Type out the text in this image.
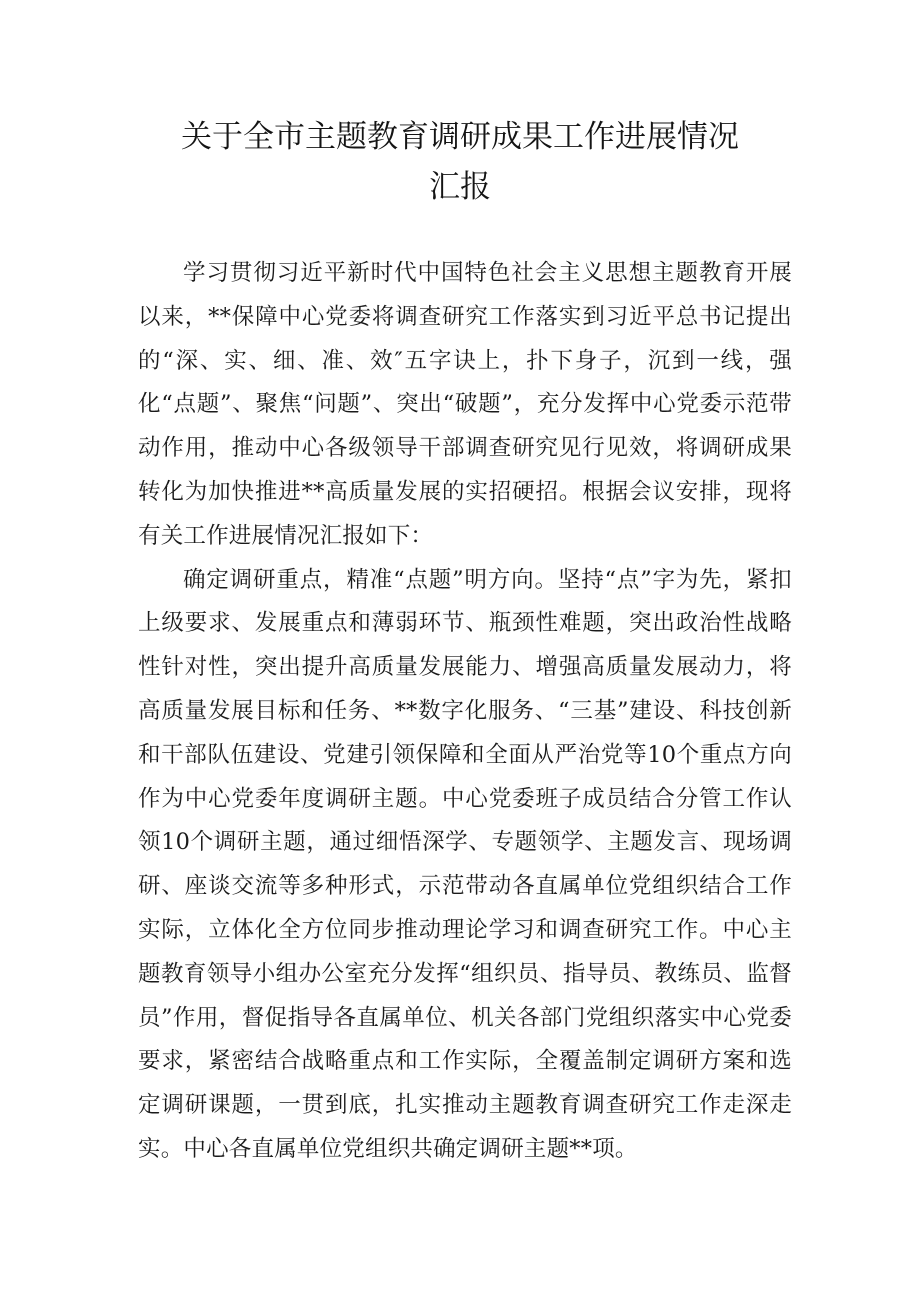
关于全市主题教育调研成果工作进展情况
汇报

学习贯彻习近平新时代中国特色社会主义思想主题教育开展以来，**保障中心党委将调查研究工作落实到习近平总书记提出的“深、实、细、准、效″五字诀上，扑下身子，沉到一线，强化“点题”、聚焦“问题”、突出“破题”，充分发挥中心党委示范带动作用，推动中心各级领导干部调查研究见行见效，将调研成果转化为加快推进**高质量发展的实招硬招。根据会议安排，现将有关工作进展情况汇报如下：

确定调研重点，精准“点题”明方向。坚持“点”字为先，紧扣上级要求、发展重点和薄弱环节、瓶颈性难题，突出政治性战略性针对性，突出提升高质量发展能力、增强高质量发展动力，将高质量发展目标和任务、**数字化服务、“三基”建设、科技创新和干部队伍建设、党建引领保障和全面从严治党等10个重点方向作为中心党委年度调研主题。中心党委班子成员结合分管工作认领10个调研主题，通过细悟深学、专题领学、主题发言、现场调研、座谈交流等多种形式，示范带动各直属单位党组织结合工作实际，立体化全方位同步推动理论学习和调查研究工作。中心主题教育领导小组办公室充分发挥“组织员、指导员、教练员、监督员”作用，督促指导各直属单位、机关各部门党组织落实中心党委要求，紧密结合战略重点和工作实际，全覆盖制定调研方案和选定调研课题，一贯到底，扎实推动主题教育调查研究工作走深走实。中心各直属单位党组织共确定调研主题**项。
